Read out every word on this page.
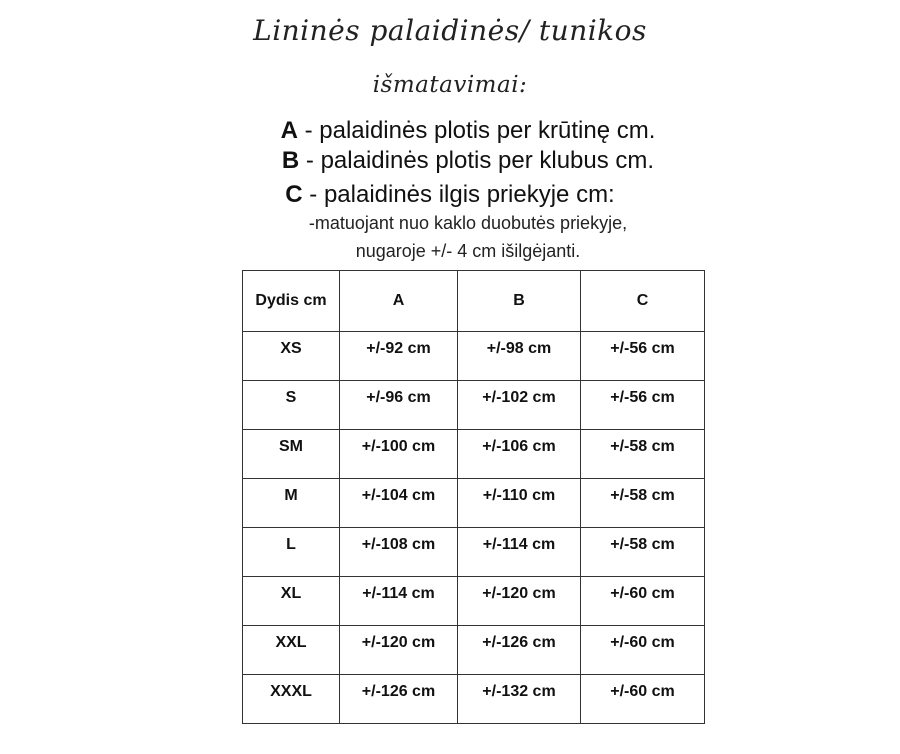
Lininės palaidinės/ tunikos
išmatavimai:
A - palaidinės plotis per krūtinę cm.
B - palaidinės plotis per klubus cm.
C - palaidinės ilgis priekyje cm:
-matuojant nuo kaklo duobutės priekyje,
nugaroje +/- 4 cm išilgėjanti.
Dydis cm	A	B	C
XS	+/-92 cm	+/-98 cm	+/-56 cm
S	+/-96 cm	+/-102 cm	+/-56 cm
SM	+/-100 cm	+/-106 cm	+/-58 cm
M	+/-104 cm	+/-110 cm	+/-58 cm
L	+/-108 cm	+/-114 cm	+/-58 cm
XL	+/-114 cm	+/-120 cm	+/-60 cm
XXL	+/-120 cm	+/-126 cm	+/-60 cm
XXXL	+/-126 cm	+/-132 cm	+/-60 cm
